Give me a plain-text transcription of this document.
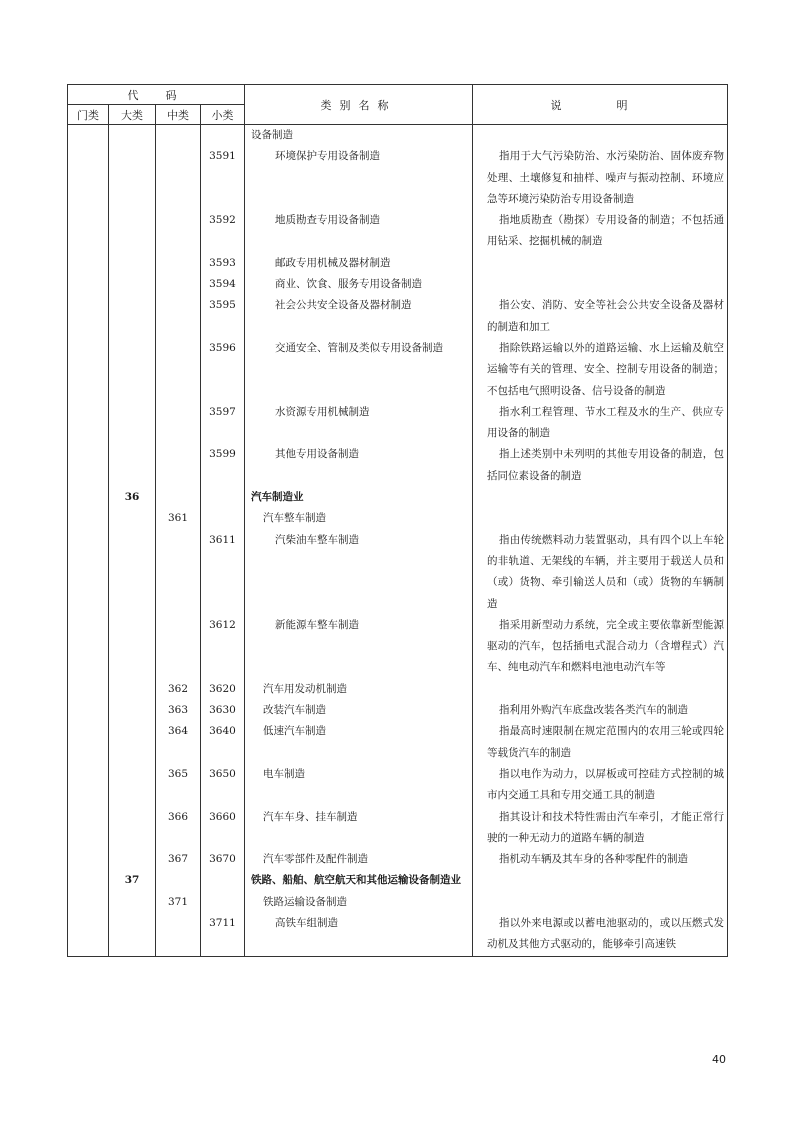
代　码				类别名称	说　明
门类	大类	中类	小类		
				设备制造	
			3591	环境保护专用设备制造	指用于大气污染防治、水污染防治、固体废弃物处理、土壤修复和抽样、噪声与振动控制、环境应急等环境污染防治专用设备制造
			3592	地质勘查专用设备制造	指地质勘查（勘探）专用设备的制造；不包括通用钻采、挖掘机械的制造
			3593	邮政专用机械及器材制造	
			3594	商业、饮食、服务专用设备制造	
			3595	社会公共安全设备及器材制造	指公安、消防、安全等社会公共安全设备及器材的制造和加工
			3596	交通安全、管制及类似专用设备制造	指除铁路运输以外的道路运输、水上运输及航空运输等有关的管理、安全、控制专用设备的制造；不包括电气照明设备、信号设备的制造
			3597	水资源专用机械制造	指水利工程管理、节水工程及水的生产、供应专用设备的制造
			3599	其他专用设备制造	指上述类别中未列明的其他专用设备的制造，包括同位素设备的制造
	36			汽车制造业	
		361		汽车整车制造	
			3611	汽柴油车整车制造	指由传统燃料动力装置驱动，具有四个以上车轮的非轨道、无架线的车辆，并主要用于载送人员和（或）货物、牵引输送人员和（或）货物的车辆制造
			3612	新能源车整车制造	指采用新型动力系统，完全或主要依靠新型能源驱动的汽车，包括插电式混合动力（含增程式）汽车、纯电动汽车和燃料电池电动汽车等
		362	3620	汽车用发动机制造	
		363	3630	改装汽车制造	指利用外购汽车底盘改装各类汽车的制造
		364	3640	低速汽车制造	指最高时速限制在规定范围内的农用三轮或四轮等载货汽车的制造
		365	3650	电车制造	指以电作为动力，以屏板或可控硅方式控制的城市内交通工具和专用交通工具的制造
		366	3660	汽车车身、挂车制造	指其设计和技术特性需由汽车牵引，才能正常行驶的一种无动力的道路车辆的制造
		367	3670	汽车零部件及配件制造	指机动车辆及其车身的各种零配件的制造
	37			铁路、船舶、航空航天和其他运输设备制造业	
		371		铁路运输设备制造	
			3711	高铁车组制造	指以外来电源或以蓄电池驱动的，或以压燃式发动机及其他方式驱动的，能够牵引高速铁
40
